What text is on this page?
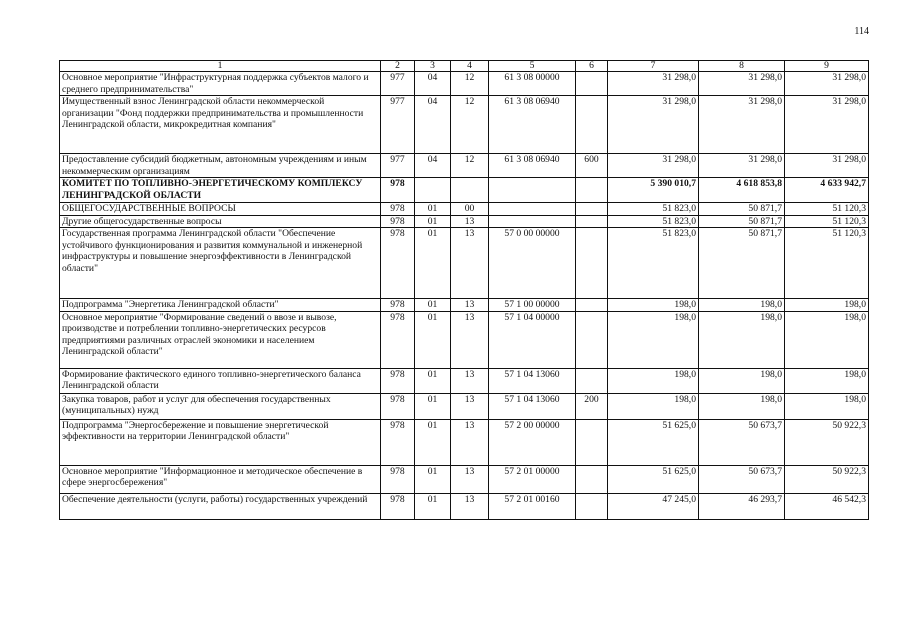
114
1	2	3	4	5	6	7	8	9
Основное мероприятие "Инфраструктурная поддержка субъектов малого и среднего предпринимательства"	977	04	12	61 3 08 00000		31 298,0	31 298,0	31 298,0
Имущественный взнос Ленинградской области некоммерческой организации "Фонд поддержки предпринимательства и промышленности Ленинградской области, микрокредитная компания"	977	04	12	61 3 08 06940		31 298,0	31 298,0	31 298,0
Предоставление субсидий бюджетным, автономным учреждениям и иным некоммерческим организациям	977	04	12	61 3 08 06940	600	31 298,0	31 298,0	31 298,0
КОМИТЕТ ПО ТОПЛИВНО-ЭНЕРГЕТИЧЕСКОМУ КОМПЛЕКСУ ЛЕНИНГРАДСКОЙ ОБЛАСТИ	978					5 390 010,7	4 618 853,8	4 633 942,7
ОБЩЕГОСУДАРСТВЕННЫЕ ВОПРОСЫ	978	01	00			51 823,0	50 871,7	51 120,3
Другие общегосударственные вопросы	978	01	13			51 823,0	50 871,7	51 120,3
Государственная программа Ленинградской области "Обеспечение устойчивого функционирования и развития коммунальной и инженерной инфраструктуры и повышение энергоэффективности в Ленинградской области"	978	01	13	57 0 00 00000		51 823,0	50 871,7	51 120,3
Подпрограмма "Энергетика Ленинградской области"	978	01	13	57 1 00 00000		198,0	198,0	198,0
Основное мероприятие "Формирование сведений о ввозе и вывозе, производстве и потреблении топливно-энергетических ресурсов предприятиями различных отраслей экономики и населением Ленинградской области"	978	01	13	57 1 04 00000		198,0	198,0	198,0
Формирование фактического единого топливно-энергетического баланса Ленинградской области	978	01	13	57 1 04 13060		198,0	198,0	198,0
Закупка товаров, работ и услуг для обеспечения государственных (муниципальных) нужд	978	01	13	57 1 04 13060	200	198,0	198,0	198,0
Подпрограмма "Энергосбережение и повышение энергетической эффективности на территории Ленинградской области"	978	01	13	57 2 00 00000		51 625,0	50 673,7	50 922,3
Основное мероприятие "Информационное и методическое обеспечение в сфере энергосбережения"	978	01	13	57 2 01 00000		51 625,0	50 673,7	50 922,3
Обеспечение деятельности (услуги, работы) государственных учреждений	978	01	13	57 2 01 00160		47 245,0	46 293,7	46 542,3
